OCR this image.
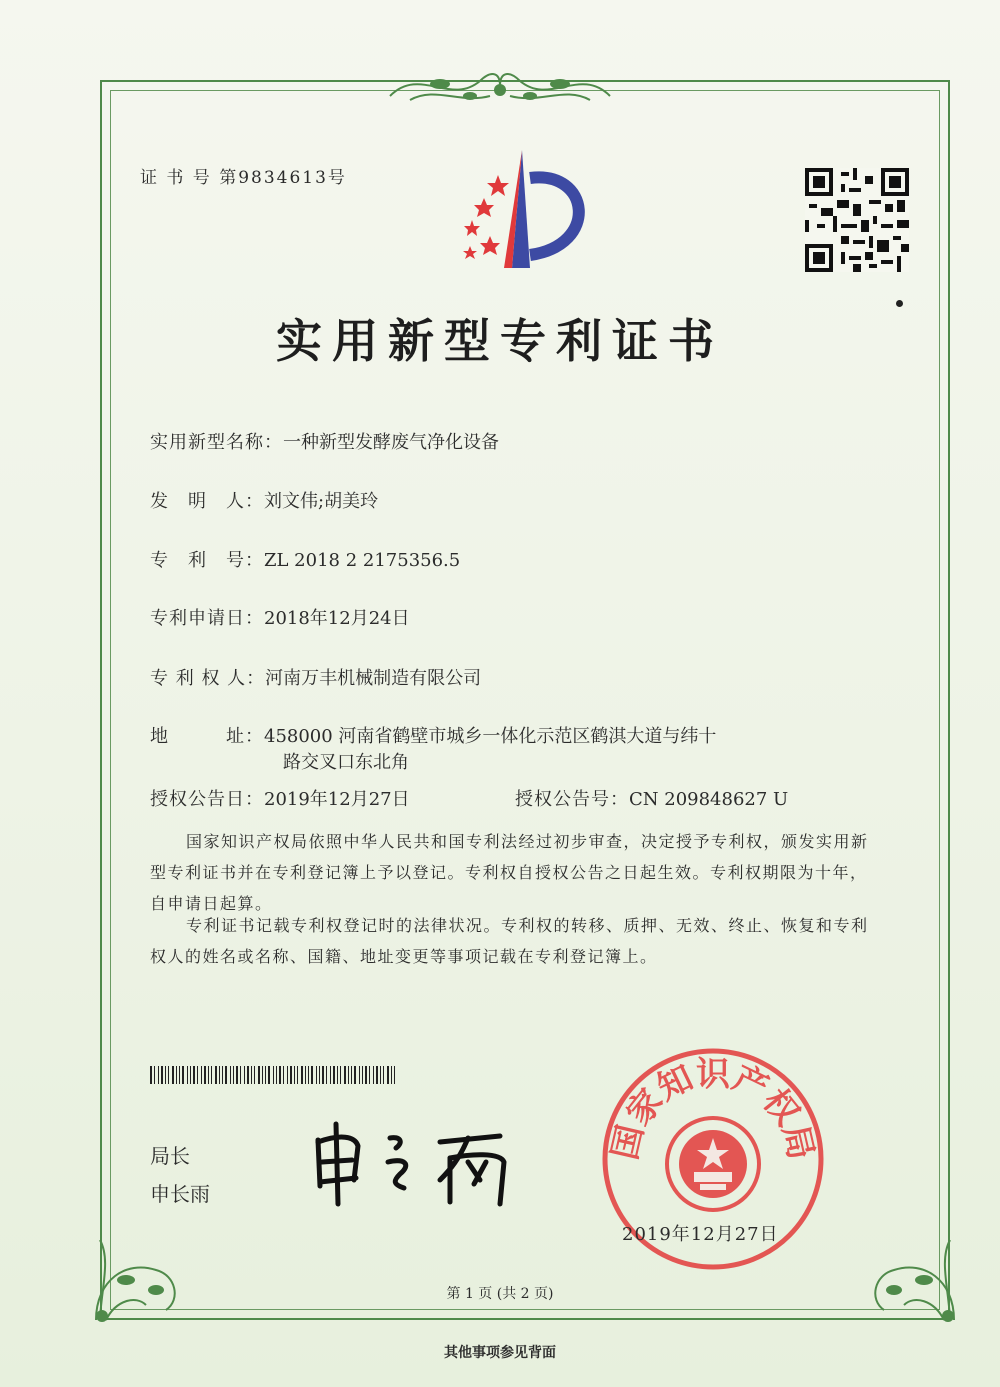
证 书 号 第9834613号
实用新型专利证书
实用新型名称：一种新型发酵废气净化设备
发　明　人：刘文伟;胡美玲
专　利　号：ZL 2018 2 2175356.5
专利申请日：2018年12月24日
专 利 权 人：河南万丰机械制造有限公司
地　　　址：458000 河南省鹤壁市城乡一体化示范区鹤淇大道与纬十
路交叉口东北角
授权公告日：2019年12月27日	授权公告号：CN 209848627 U
国家知识产权局依照中华人民共和国专利法经过初步审查，决定授予专利权，颁发实用新型专利证书并在专利登记簿上予以登记。专利权自授权公告之日起生效。专利权期限为十年，自申请日起算。
专利证书记载专利权登记时的法律状况。专利权的转移、质押、无效、终止、恢复和专利权人的姓名或名称、国籍、地址变更等事项记载在专利登记簿上。
局长
申长雨
国家知识产权局
2019年12月27日
第 1 页 (共 2 页)
其他事项参见背面
